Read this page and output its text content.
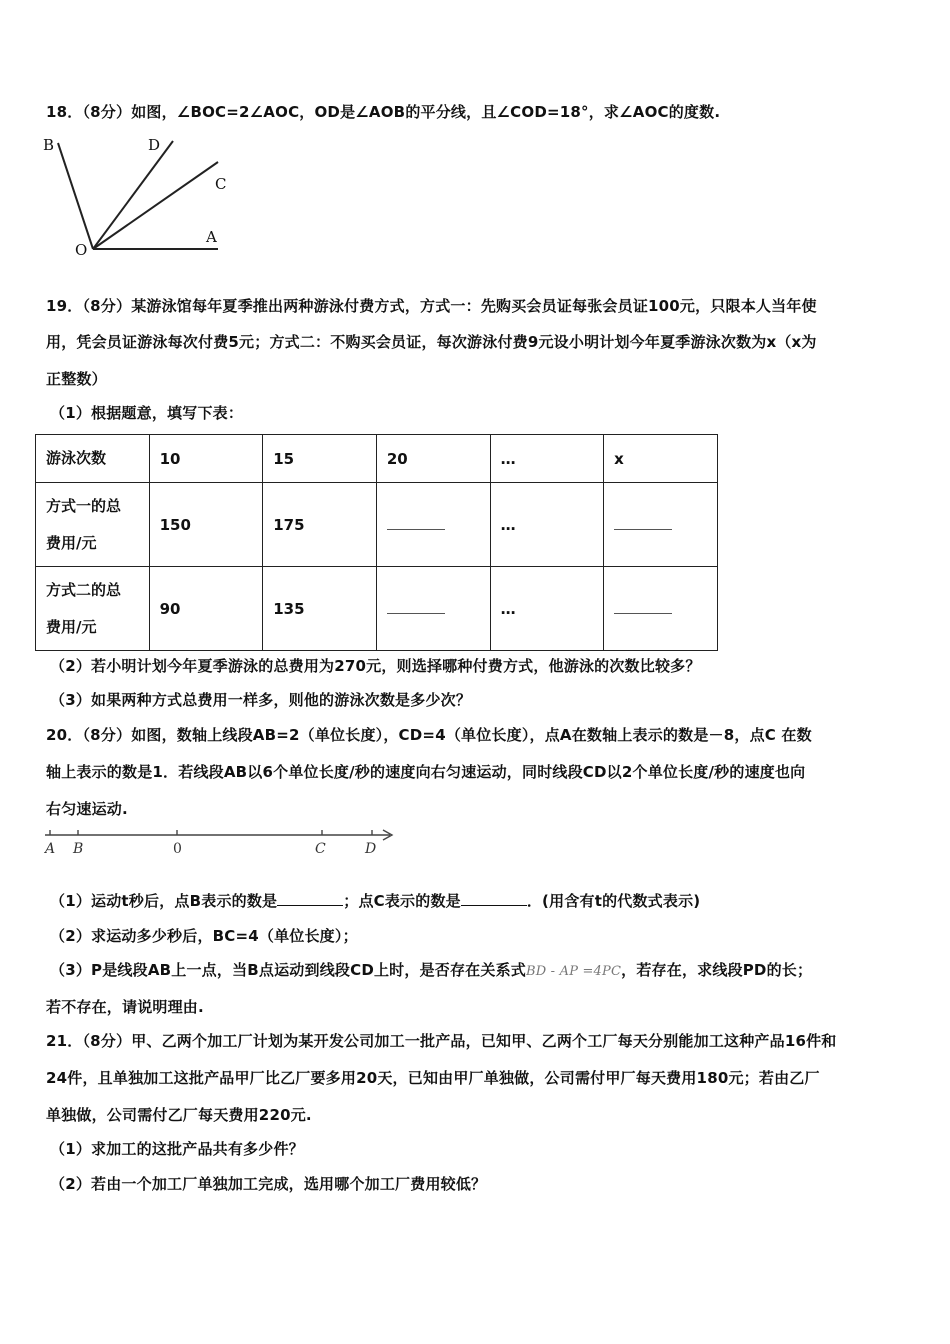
18．（8分）如图，∠BOC=2∠AOC，OD是∠AOB的平分线，且∠COD=18°，求∠AOC的度数.
B	D
C
O
A
19．（8分）某游泳馆每年夏季推出两种游泳付费方式，方式一：先购买会员证每张会员证100元，只限本人当年使
用，凭会员证游泳每次付费5元；方式二：不购买会员证，每次游泳付费9元设小明计划今年夏季游泳次数为x（x为
正整数）
（1）根据题意，填写下表：
游泳次数	10	15	20	…	x

方式一的总
费用/元	150	175		…	

方式二的总
费用/元	90	135		…	
（2）若小明计划今年夏季游泳的总费用为270元，则选择哪种付费方式，他游泳的次数比较多？
（3）如果两种方式总费用一样多，则他的游泳次数是多少次？
20．（8分）如图，数轴上线段AB=2（单位长度），CD=4（单位长度），点A在数轴上表示的数是－8，点C 在数
轴上表示的数是1．若线段AB以6个单位长度/秒的速度向右匀速运动，同时线段CD以2个单位长度/秒的速度也向
右匀速运动.
A B	0	C	D
（1）运动t秒后，点B表示的数是	；点C表示的数是	．(用含有t的代数式表示)
（2）求运动多少秒后，BC=4（单位长度）；
（3）P是线段AB上一点，当B点运动到线段CD上时，是否存在关系式BD - AP =4PC，若存在，求线段PD的长；
若不存在，请说明理由.
21．（8分）甲、乙两个加工厂计划为某开发公司加工一批产品，已知甲、乙两个工厂每天分别能加工这种产品16件和
24件，且单独加工这批产品甲厂比乙厂要多用20天，已知由甲厂单独做，公司需付甲厂每天费用180元；若由乙厂
单独做，公司需付乙厂每天费用220元.
（1）求加工的这批产品共有多少件？
（2）若由一个加工厂单独加工完成，选用哪个加工厂费用较低？
